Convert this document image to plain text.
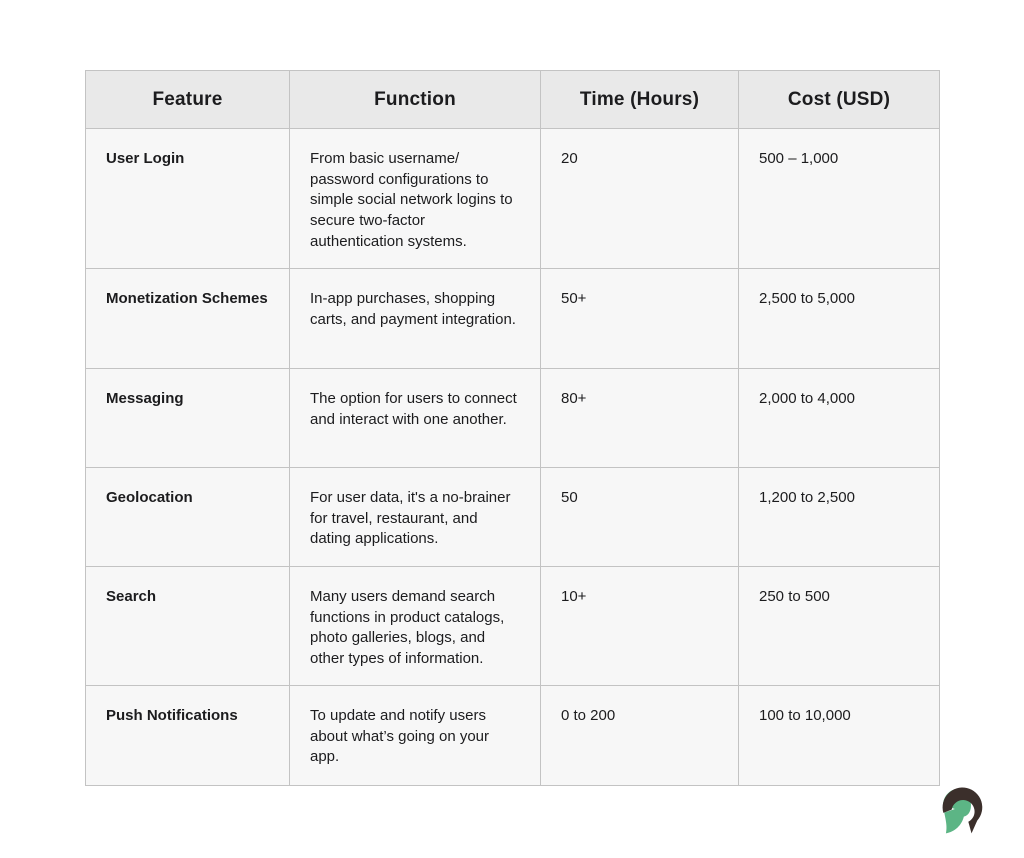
Feature	Function	Time (Hours)	Cost (USD)
User Login	From basic username/ password configurations to simple social network logins to secure two-factor authentication systems.	20	500 – 1,000
Monetization Schemes	In-app purchases, shopping carts, and payment integration.	50+	2,500 to 5,000
Messaging	The option for users to connect and interact with one another.	80+	2,000 to 4,000
Geolocation	For user data, it's a no-brainer for travel, restaurant, and dating applications.	50	1,200 to 2,500
Search	Many users demand search functions in product catalogs, photo galleries, blogs, and other types of information.	10+	250 to 500
Push Notifications	To update and notify users about what’s going on your app.	0 to 200	100 to 10,000
